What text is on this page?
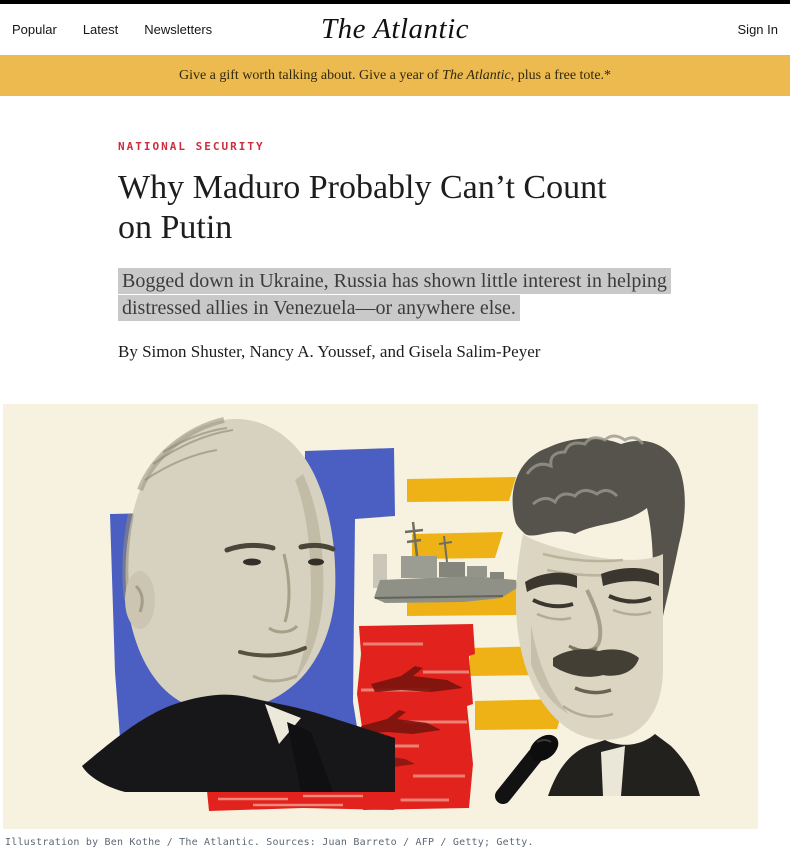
Popular Latest Newsletters	The Atlantic	Sign In
Give a gift worth talking about. Give a year of The Atlantic, plus a free tote.*
NATIONAL SECURITY
Why Maduro Probably Can’t Count
on Putin

Bogged down in Ukraine, Russia has shown little interest in helping
distressed allies in Venezuela—or anywhere else.

By Simon Shuster, Nancy A. Youssef, and Gisela Salim-Peyer

Illustration by Ben Kothe / The Atlantic. Sources: Juan Barreto / AFP / Getty; Getty.
